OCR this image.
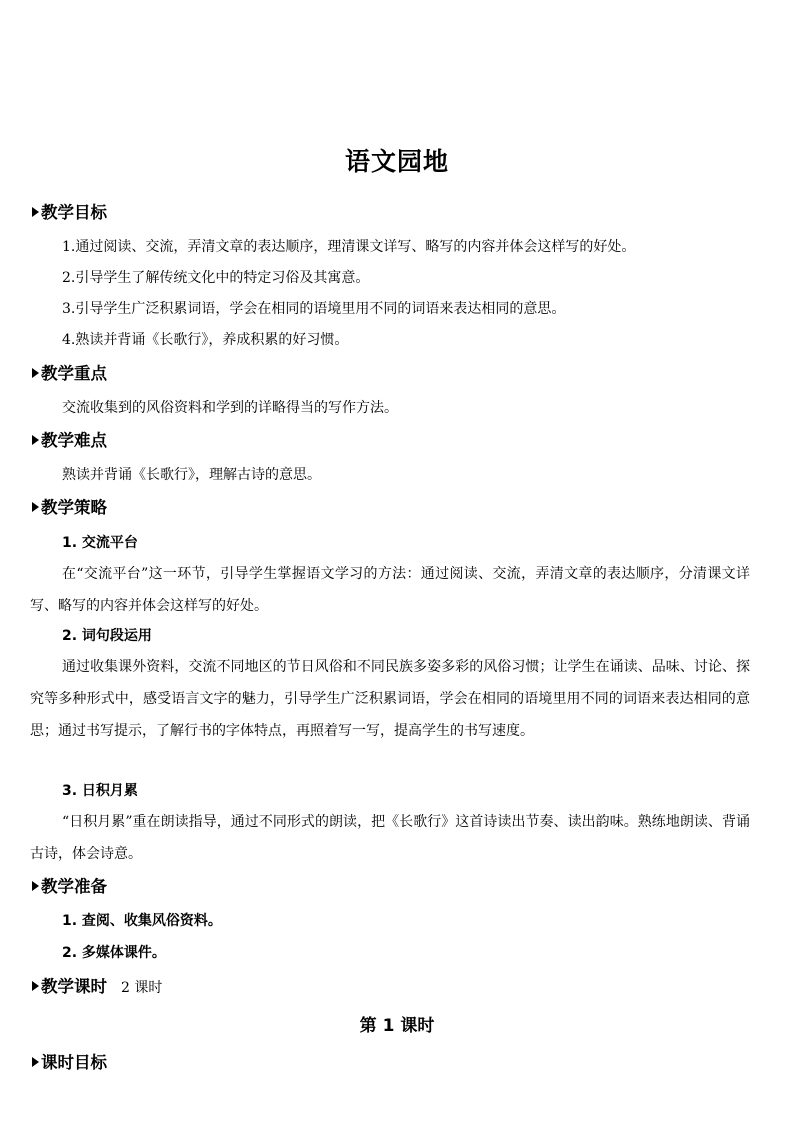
语文园地
教学目标
1.通过阅读、交流，弄清文章的表达顺序，理清课文详写、略写的内容并体会这样写的好处。
2.引导学生了解传统文化中的特定习俗及其寓意。
3.引导学生广泛积累词语，学会在相同的语境里用不同的词语来表达相同的意思。
4.熟读并背诵《长歌行》，养成积累的好习惯。
教学重点
交流收集到的风俗资料和学到的详略得当的写作方法。
教学难点
熟读并背诵《长歌行》，理解古诗的意思。
教学策略
1. 交流平台
在“交流平台”这一环节，引导学生掌握语文学习的方法：通过阅读、交流，弄清文章的表达顺序，分清课文详写、略写的内容并体会这样写的好处。
2. 词句段运用
通过收集课外资料，交流不同地区的节日风俗和不同民族多姿多彩的风俗习惯；让学生在诵读、品味、讨论、探究等多种形式中，感受语言文字的魅力，引导学生广泛积累词语，学会在相同的语境里用不同的词语来表达相同的意思；通过书写提示，了解行书的字体特点，再照着写一写，提高学生的书写速度。
3. 日积月累
“日积月累”重在朗读指导，通过不同形式的朗读，把《长歌行》这首诗读出节奏、读出韵味。熟练地朗读、背诵古诗，体会诗意。
教学准备
1. 查阅、收集风俗资料。
2. 多媒体课件。
教学课时 2 课时
第 1 课时
课时目标
